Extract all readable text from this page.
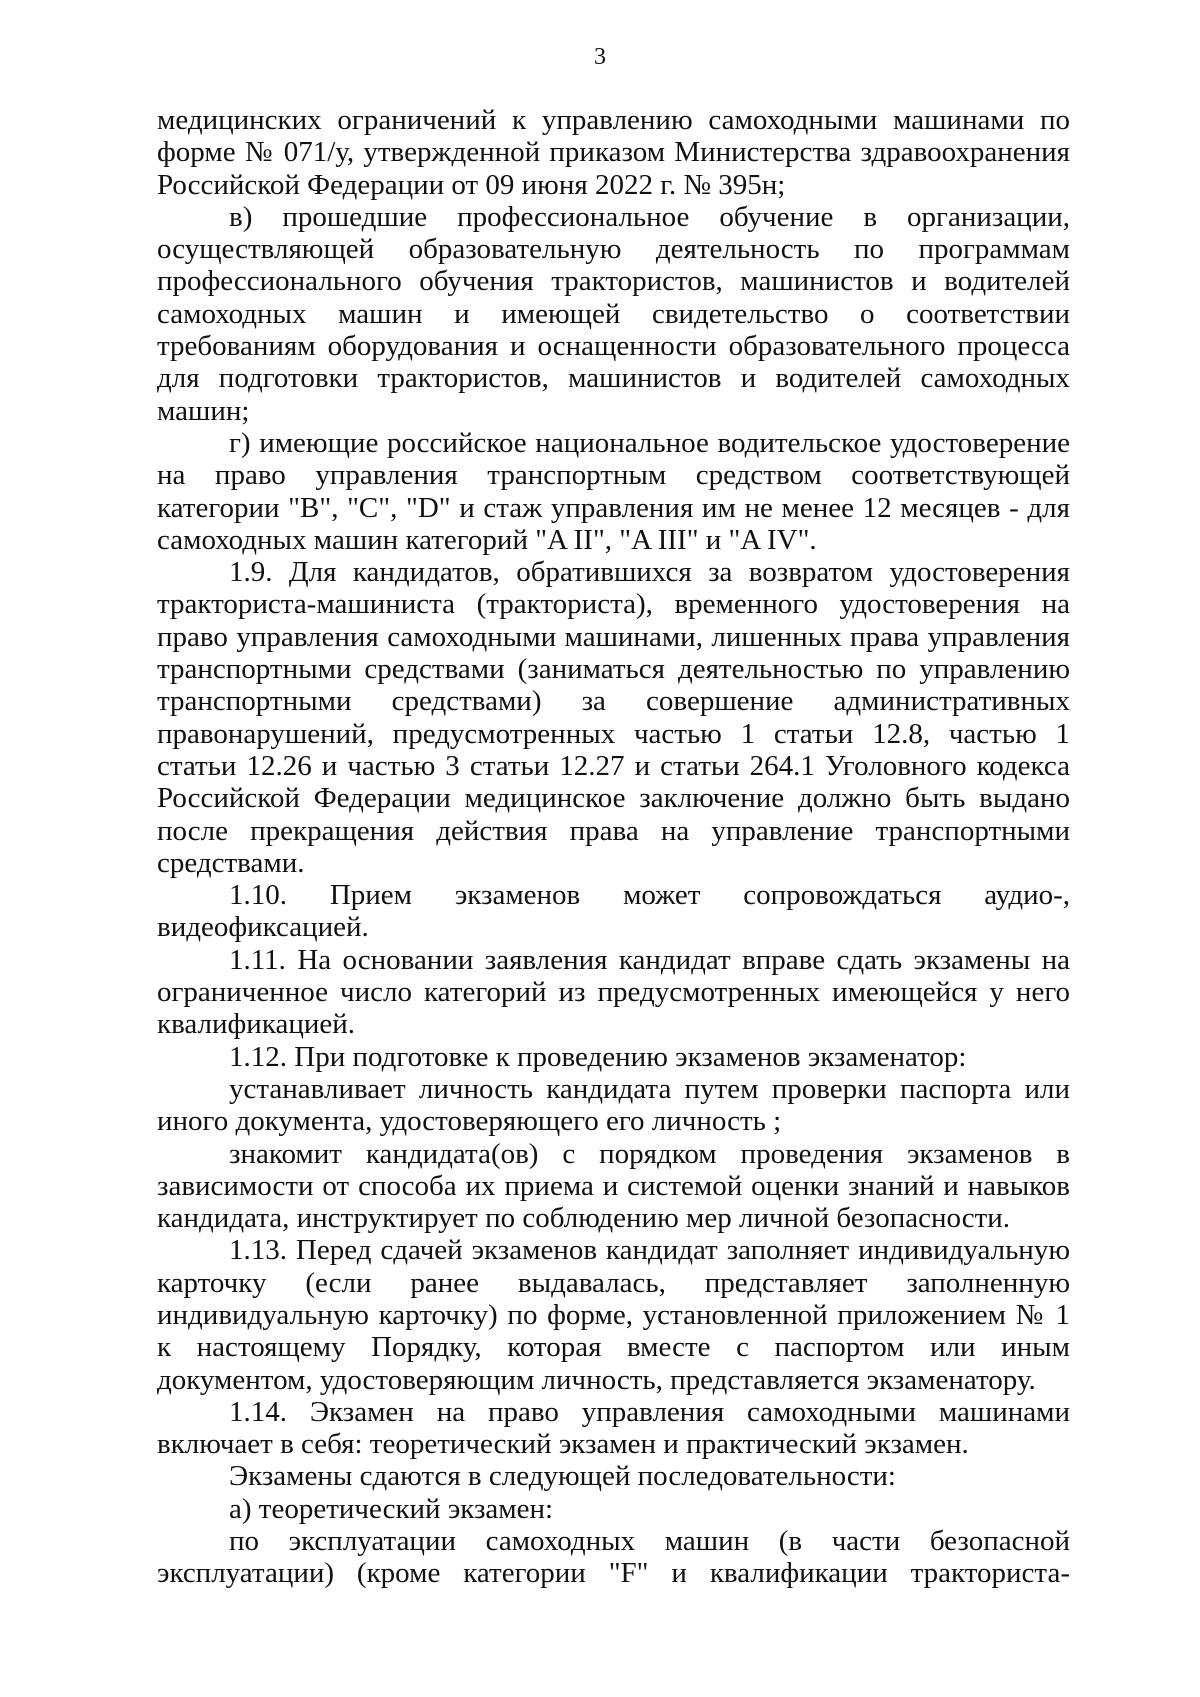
3

медицинских ограничений к управлению самоходными машинами по форме № 071/у, утвержденной приказом Министерства здравоохранения Российской Федерации от 09 июня 2022 г. № 395н;

в) прошедшие профессиональное обучение в организации, осуществляющей образовательную деятельность по программам профессионального обучения трактористов, машинистов и водителей самоходных машин и имеющей свидетельство о соответствии требованиям оборудования и оснащенности образовательного процесса для подготовки трактористов, машинистов и водителей самоходных машин;

г) имеющие российское национальное водительское удостоверение на право управления транспортным средством соответствующей категории "B", "C", "D" и стаж управления им не менее 12 месяцев - для самоходных машин категорий "A II", "A III" и "A IV".

1.9. Для кандидатов, обратившихся за возвратом удостоверения тракториста-машиниста (тракториста), временного удостоверения на право управления самоходными машинами, лишенных права управления транспортными средствами (заниматься деятельностью по управлению транспортными средствами) за совершение административных правонарушений, предусмотренных частью 1 статьи 12.8, частью 1 статьи 12.26 и частью 3 статьи 12.27 и статьи 264.1 Уголовного кодекса Российской Федерации медицинское заключение должно быть выдано после прекращения действия права на управление транспортными средствами.

1.10. Прием экзаменов может сопровождаться аудио-, видеофиксацией.

1.11. На основании заявления кандидат вправе сдать экзамены на ограниченное число категорий из предусмотренных имеющейся у него квалификацией.

1.12. При подготовке к проведению экзаменов экзаменатор:

устанавливает личность кандидата путем проверки паспорта или иного документа, удостоверяющего его личность ;

знакомит кандидата(ов) с порядком проведения экзаменов в зависимости от способа их приема и системой оценки знаний и навыков кандидата, инструктирует по соблюдению мер личной безопасности.

1.13. Перед сдачей экзаменов кандидат заполняет индивидуальную карточку (если ранее выдавалась, представляет заполненную индивидуальную карточку) по форме, установленной приложением № 1 к настоящему Порядку, которая вместе с паспортом или иным документом, удостоверяющим личность, представляется экзаменатору.

1.14. Экзамен на право управления самоходными машинами включает в себя: теоретический экзамен и практический экзамен.

Экзамены сдаются в следующей последовательности:

а) теоретический экзамен:

по эксплуатации самоходных машин (в части безопасной эксплуатации) (кроме категории "F" и квалификации тракториста-
